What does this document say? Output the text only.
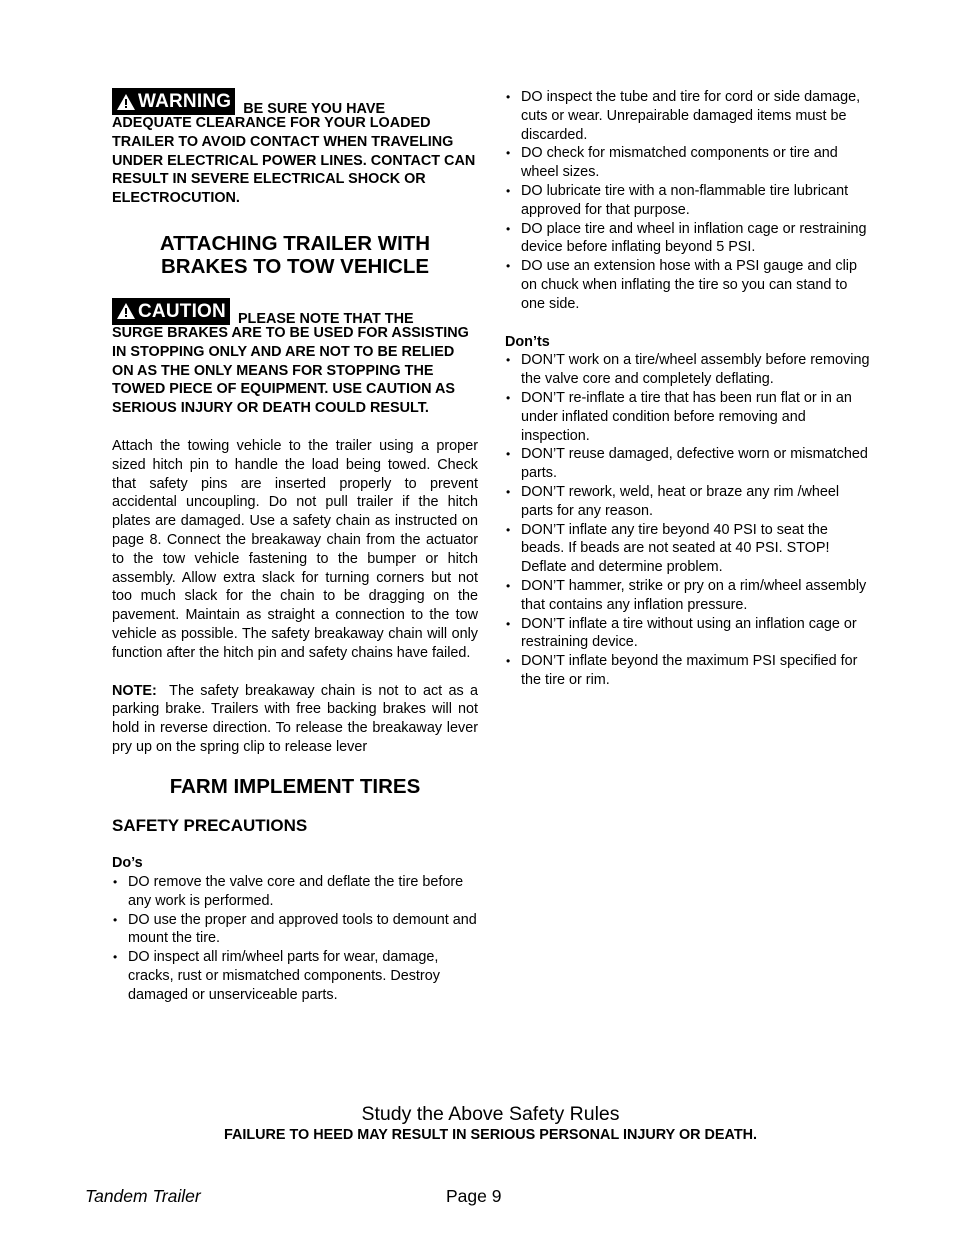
WARNING BE SURE YOU HAVE
ADEQUATE CLEARANCE FOR YOUR LOADED TRAILER TO AVOID CONTACT WHEN TRAVELING UNDER ELECTRICAL POWER LINES. CONTACT CAN RESULT IN SEVERE ELECTRICAL SHOCK OR ELECTROCUTION.
ATTACHING TRAILER WITH
BRAKES TO TOW VEHICLE
CAUTION PLEASE NOTE THAT THE
SURGE BRAKES ARE TO BE USED FOR ASSISTING IN STOPPING ONLY AND ARE NOT TO BE RELIED ON AS THE ONLY MEANS FOR STOPPING THE TOWED PIECE OF EQUIPMENT. USE CAUTION AS SERIOUS INJURY OR DEATH COULD RESULT.

Attach the towing vehicle to the trailer using a proper sized hitch pin to handle the load being towed. Check that safety pins are inserted properly to prevent accidental uncoupling. Do not pull trailer if the hitch plates are damaged. Use a safety chain as instructed on page 8. Connect the breakaway chain from the actuator to the tow vehicle fastening to the bumper or hitch assembly. Allow extra slack for turning corners but not too much slack for the chain to be dragging on the pavement. Maintain as straight a connection to the tow vehicle as possible. The safety breakaway chain will only function after the hitch pin and safety chains have failed.

NOTE: The safety breakaway chain is not to act as a parking brake. Trailers with free backing brakes will not hold in reverse direction. To release the breakaway lever pry up on the spring clip to release lever

FARM IMPLEMENT TIRES
SAFETY PRECAUTIONS
Do’s
• DO remove the valve core and deflate the tire before any work is performed.
• DO use the proper and approved tools to demount and mount the tire.
• DO inspect all rim/wheel parts for wear, damage, cracks, rust or mismatched components. Destroy damaged or unserviceable parts.
• DO inspect the tube and tire for cord or side damage, cuts or wear. Unrepairable damaged items must be discarded.
• DO check for mismatched components or tire and wheel sizes.
• DO lubricate tire with a non-flammable tire lubricant approved for that purpose.
• DO place tire and wheel in inflation cage or restraining device before inflating beyond 5 PSI.
• DO use an extension hose with a PSI gauge and clip on chuck when inflating the tire so you can stand to one side.
Don’ts
• DON’T work on a tire/wheel assembly before removing the valve core and completely deflating.
• DON’T re-inflate a tire that has been run flat or in an under inflated condition before removing and inspection.
• DON’T reuse damaged, defective worn or mismatched parts.
• DON’T rework, weld, heat or braze any rim /wheel parts for any reason.
• DON’T inflate any tire beyond 40 PSI to seat the beads. If beads are not seated at 40 PSI. STOP! Deflate and determine problem.
• DON’T hammer, strike or pry on a rim/wheel assembly that contains any inflation pressure.
• DON’T inflate a tire without using an inflation cage or restraining device.
• DON’T inflate beyond the maximum PSI specified for the tire or rim.
Study the Above Safety Rules
FAILURE TO HEED MAY RESULT IN SERIOUS PERSONAL INJURY OR DEATH.
Tandem Trailer	Page 9
